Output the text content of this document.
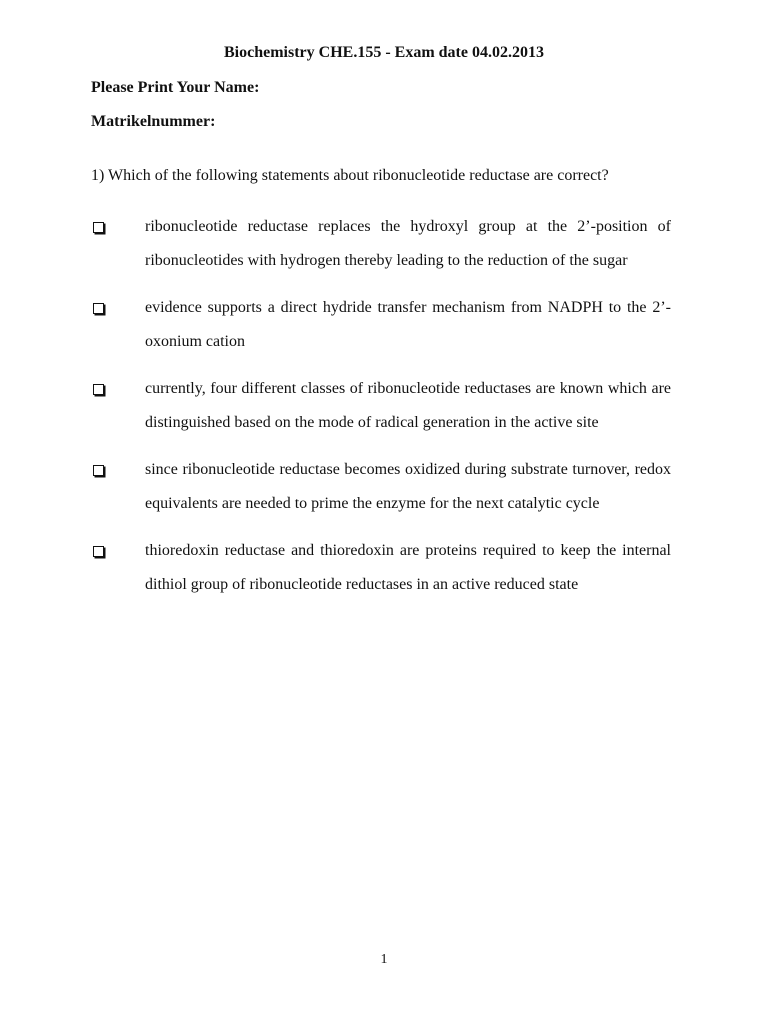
Biochemistry CHE.155 - Exam date 04.02.2013
Please Print Your Name:
Matrikelnummer:
1) Which of the following statements about ribonucleotide reductase are correct?
ribonucleotide reductase replaces the hydroxyl group at the 2’-position of ribonucleotides with hydrogen thereby leading to the reduction of the sugar
evidence supports a direct hydride transfer mechanism from NADPH to the 2’-oxonium cation
currently, four different classes of ribonucleotide reductases are known which are distinguished based on the mode of radical generation in the active site
since ribonucleotide reductase becomes oxidized during substrate turnover, redox equivalents are needed to prime the enzyme for the next catalytic cycle
thioredoxin reductase and thioredoxin are proteins required to keep the internal dithiol group of ribonucleotide reductases in an active reduced state
1
